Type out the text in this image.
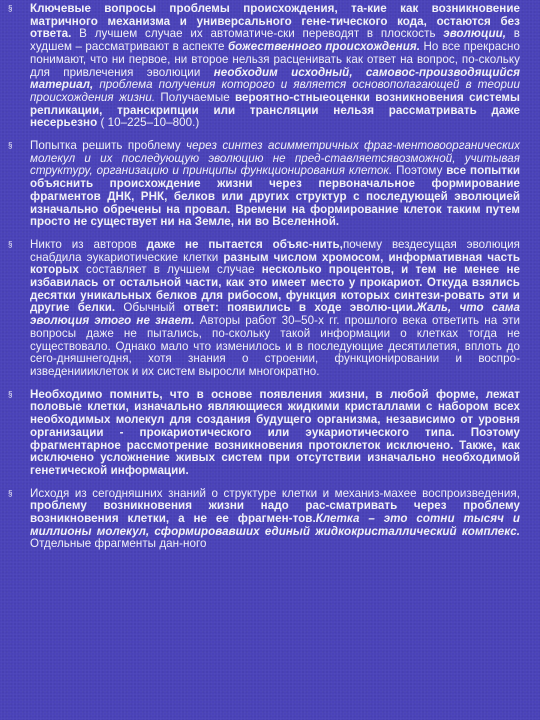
§ Ключевые вопросы проблемы происхождения, та-кие как возникновение матричного механизма и универсального гене-тического кода, остаются без ответа. В лучшем случае их автоматиче-ски переводят в плоскость эволюции, в худшем – рассматривают в аспекте божественного происхождения. Но все прекрасно понимают, что ни первое, ни второе нельзя расценивать как ответ на вопрос, по-скольку для привлечения эволюции необходим исходный, самовос-производящийся материал, проблема получения которого и является основополагающей в теории происхождения жизни. Получаемые вероятно-стныеоценки возникновения системы репликации, транскрипции или трансляции нельзя рассматривать даже несерьезно ( 10–225–10–800.)
§ Попытка решить проблему через синтез асимметричных фраг-ментовоорганических молекул и их последующую эволюцию не пред-ставляетсявозможной, учитывая структуру, организацию и принципы функционирования клеток. Поэтому все попытки объяснить происхождение жизни через первоначальное формирование фрагментов ДНК, РНК, белков или других структур с последующей эволюцией изначально обречены на провал. Времени на формирование клеток таким путем просто не существует ни на Земле, ни во Вселенной.
§ Никто из авторов даже не пытается объяс-нить,почему вездесущая эволюция снабдила эукариотические клетки разным числом хромосом, информативная часть которых составляет в лучшем случае несколько процентов, и тем не менее не избавилась от остальной части, как это имеет место у прокариот. Откуда взялись десятки уникальных белков для рибосом, функция которых синтези-ровать эти и другие белки. Обычный ответ: появились в ходе эволю-ции.Жаль, что сама эволюция этого не знает. Авторы работ 30–50-х гг. прошлого века ответить на эти вопросы даже не пытались, по-скольку такой информации о клетках тогда не существовало. Однако мало что изменилось и в последующие десятилетия, вплоть до сего-дняшнегодня, хотя знания о строении, функционировании и воспро-изведениииклеток и их систем выросли многократно.
§ Необходимо помнить, что в основе появления жизни, в любой форме, лежат половые клетки, изначально являющиеся жидкими кристаллами с набором всех необходимых молекул для создания будущего организма, независимо от уровня организации - прокариотического или эукариотического типа. Поэтому фрагментарное рассмотрение возникновения протоклеток исключено. Также, как исключено усложнение живых систем при отсутствии изначально необходимой генетической информации.
§ Исходя из сегодняшних знаний о структуре клетки и механиз-махее воспроизведения, проблему возникновения жизни надо рас-сматривать через проблему возникновения клетки, а не ее фрагмен-тов.Клетка – это сотни тысяч и миллионы молекул, сформировавших единый жидкокристаллический комплекс. Отдельные фрагменты дан-ного
